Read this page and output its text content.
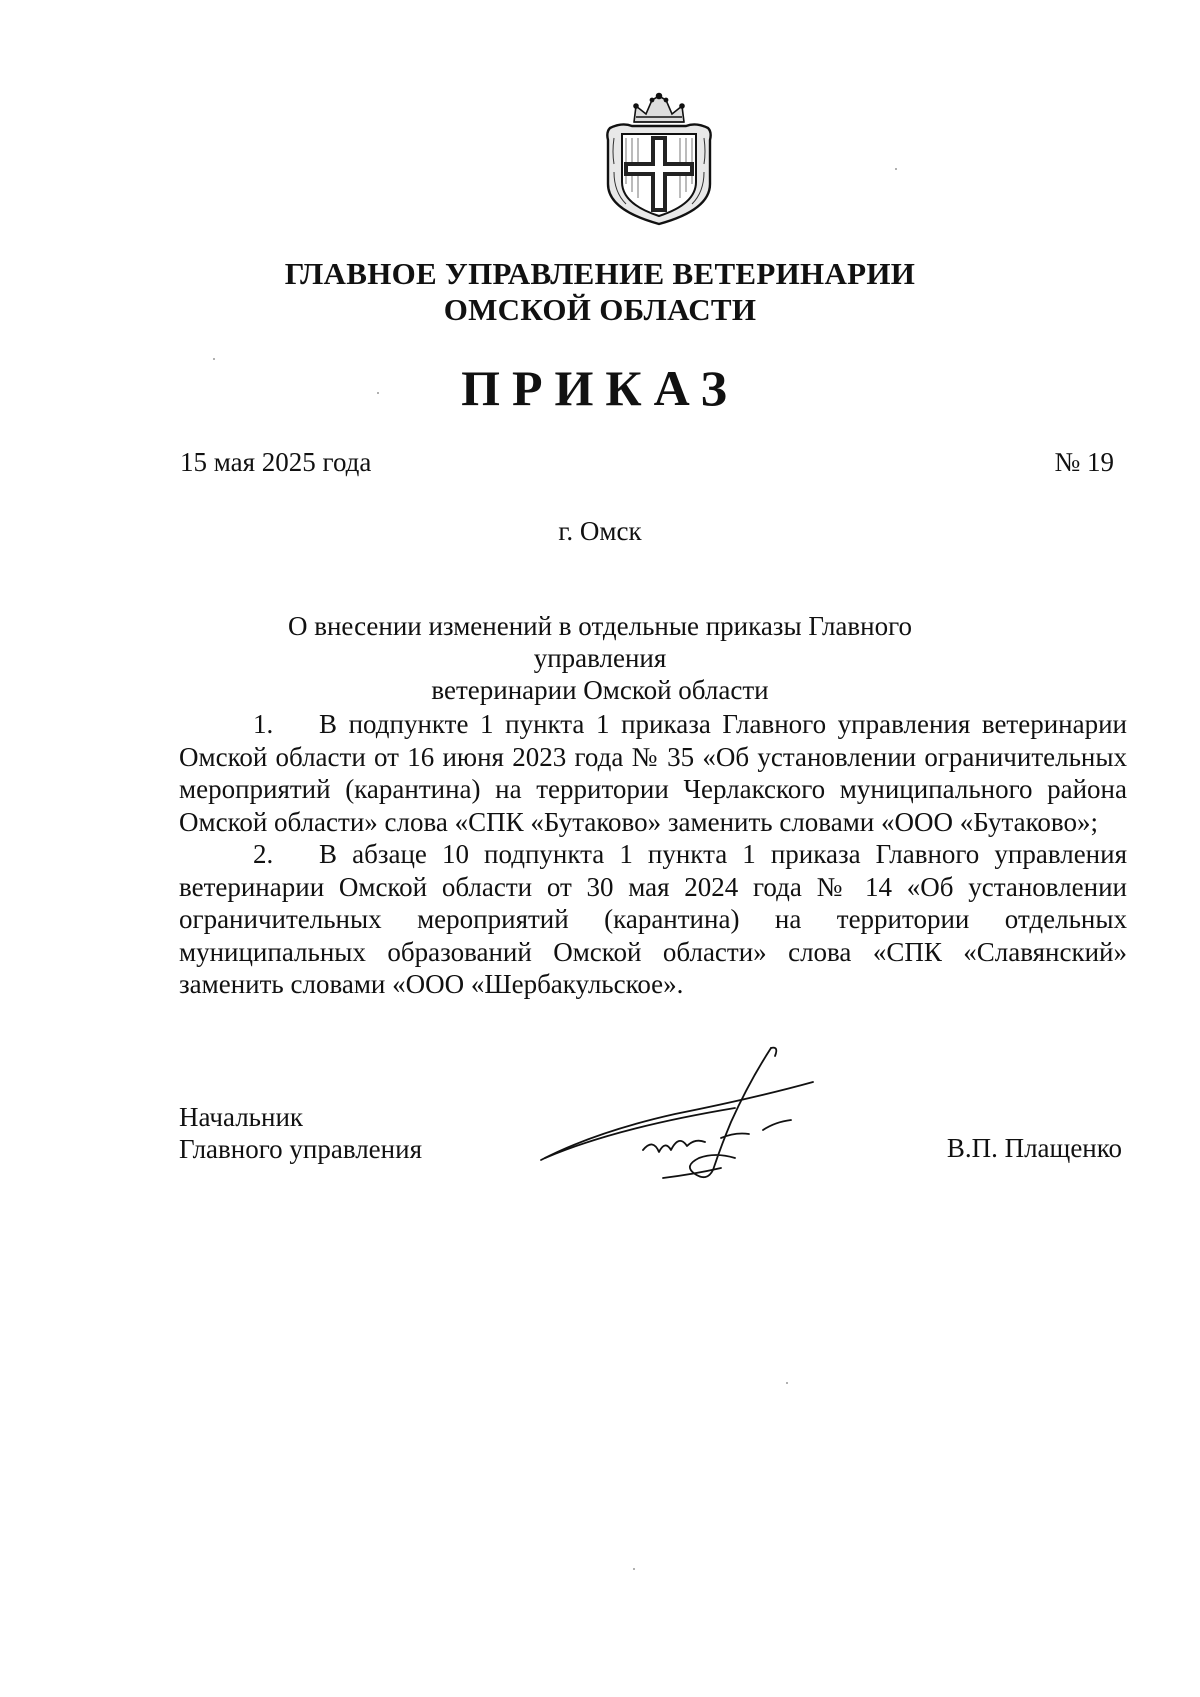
ГЛАВНОЕ УПРАВЛЕНИЕ ВЕТЕРИНАРИИ
ОМСКОЙ ОБЛАСТИ
ПРИКАЗ
15 мая 2025 года	№ 19
г. Омск
О внесении изменений в отдельные приказы Главного управления
ветеринарии Омской области

1. В подпункте 1 пункта 1 приказа Главного управления ветеринарии Омской области от 16 июня 2023 года № 35 «Об установлении ограничительных мероприятий (карантина) на территории Черлакского муниципального района Омской области» слова «СПК «Бутаково» заменить словами «ООО «Бутаково»;

2. В абзаце 10 подпункта 1 пункта 1 приказа Главного управления ветеринарии Омской области от 30 мая 2024 года № 14 «Об установлении ограничительных мероприятий (карантина) на территории отдельных муниципальных образований Омской области» слова «СПК «Славянский» заменить словами «ООО «Шербакульское».

Начальник
Главного управления	В.П. Плащенко
